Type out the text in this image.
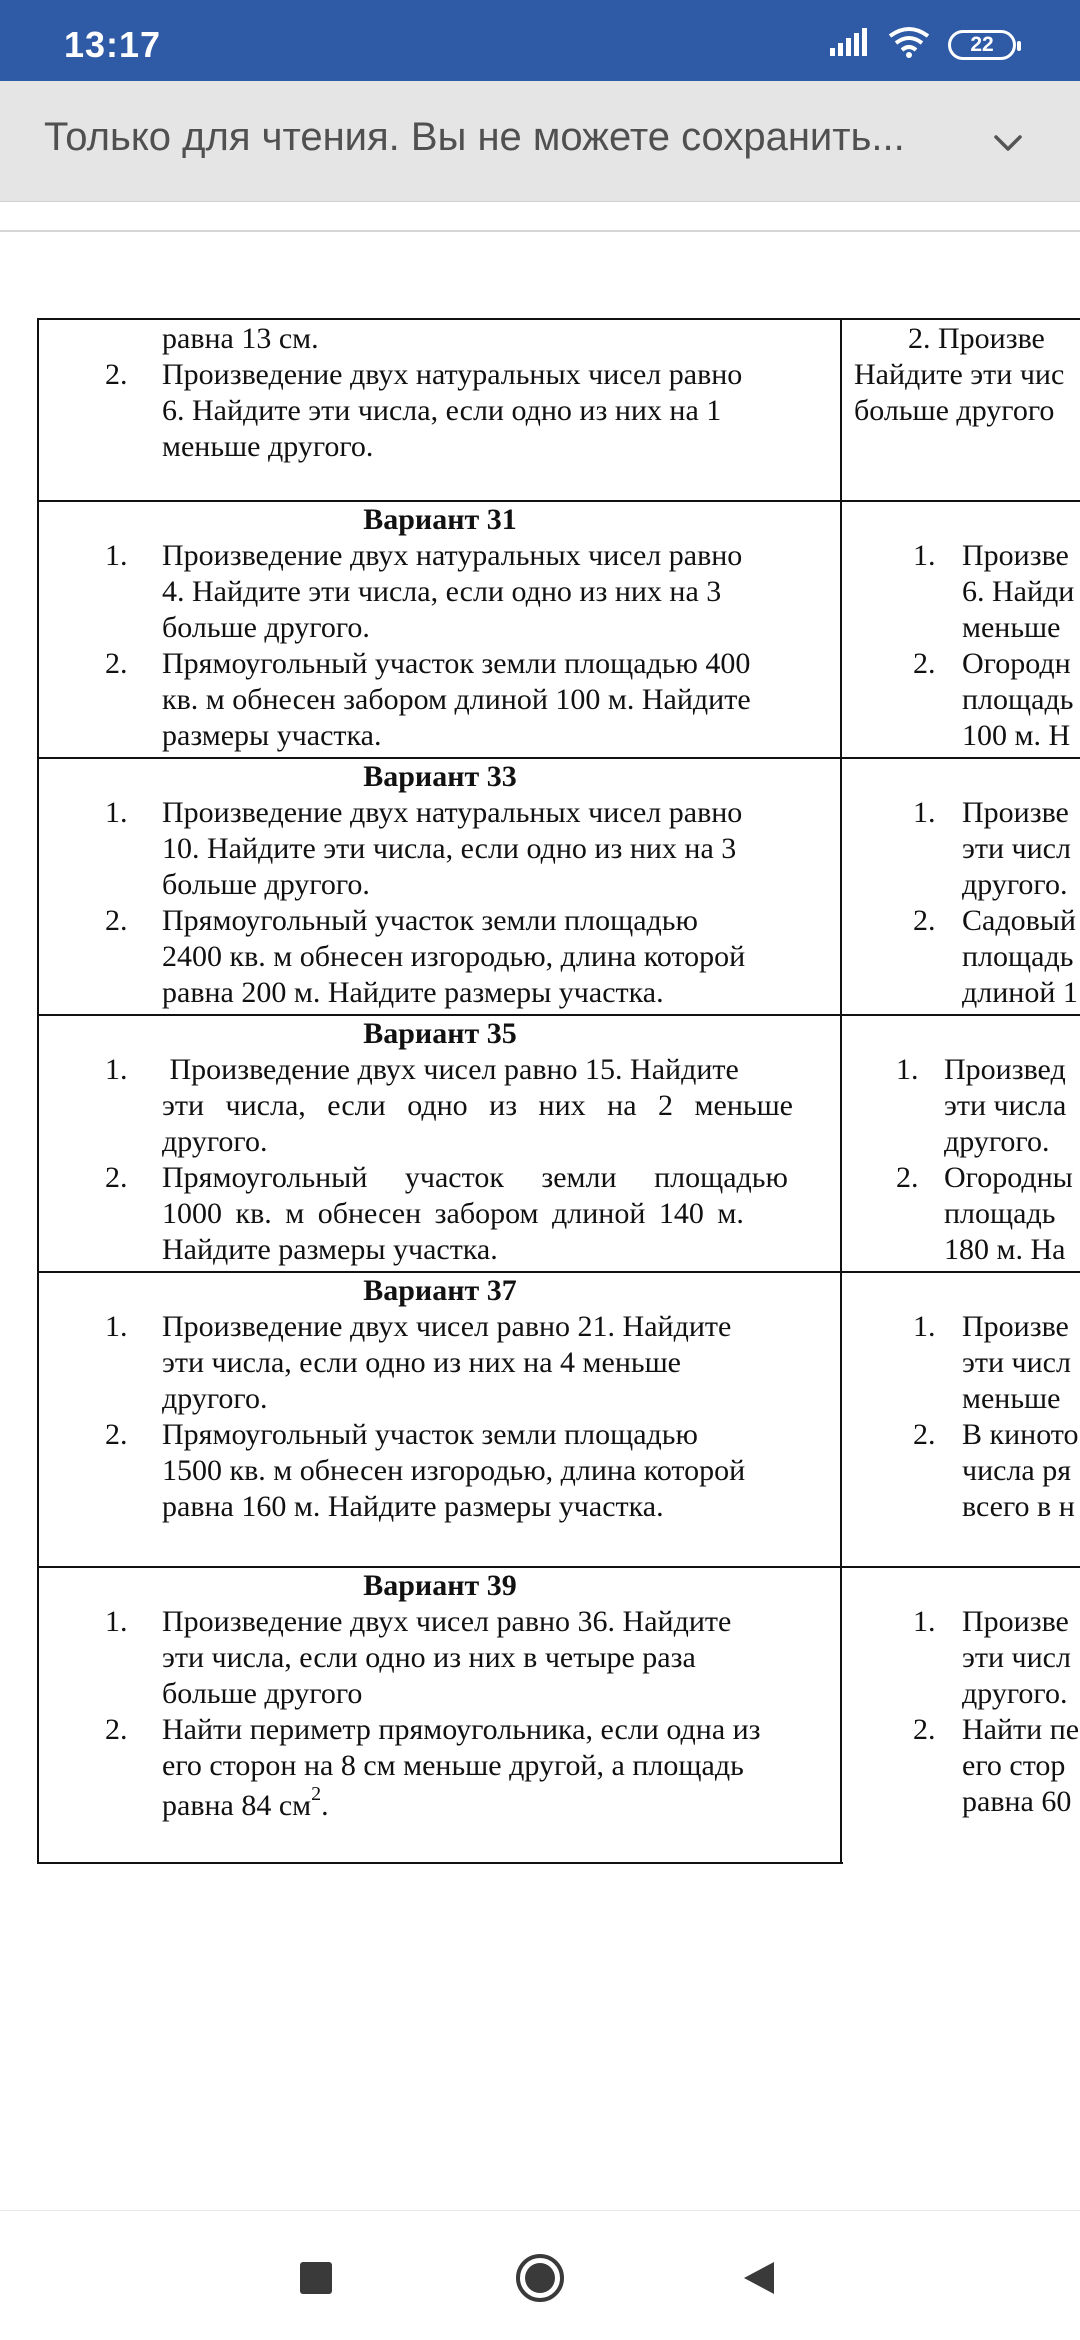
13:17	22
Только для чтения. Вы не можете сохранить...
равна 13 см.
2. Произведение двух натуральных чисел равно
6. Найдите эти числа, если одно из них на 1
меньше другого.
2. Произве
Найдите эти чис
больше другого
Вариант 31
1. Произведение двух натуральных чисел равно
4. Найдите эти числа, если одно из них на 3
больше другого.
2. Прямоугольный участок земли площадью 400
кв. м обнесен забором длиной 100 м. Найдите
размеры участка.
1. Произве
6. Найди
меньше
2. Огородн
площадь
100 м. Н
Вариант 33
1. Произведение двух натуральных чисел равно
10. Найдите эти числа, если одно из них на 3
больше другого.
2. Прямоугольный участок земли площадью
2400 кв. м обнесен изгородью, длина которой
равна 200 м. Найдите размеры участка.
1. Произве
эти числ
другого.
2. Садовый
площадь
длиной 1
Вариант 35
1. Произведение двух чисел равно 15. Найдите
эти числа, если одно из них на 2 меньше
другого.
2. Прямоугольный участок земли площадью
1000 кв. м обнесен забором длиной 140 м.
Найдите размеры участка.
1. Произвед
эти числа
другого.
2. Огородны
площадь
180 м. На
Вариант 37
1. Произведение двух чисел равно 21. Найдите
эти числа, если одно из них на 4 меньше
другого.
2. Прямоугольный участок земли площадью
1500 кв. м обнесен изгородью, длина которой
равна 160 м. Найдите размеры участка.
1. Произве
эти числ
меньше
2. В киното
числа ря
всего в н
Вариант 39
1. Произведение двух чисел равно 36. Найдите
эти числа, если одно из них в четыре раза
больше другого
2. Найти периметр прямоугольника, если одна из
его сторон на 8 см меньше другой, а площадь
равна 84 $см^2$.
1. Произве
эти числ
другого.
2. Найти пе
его стор
равна 60
